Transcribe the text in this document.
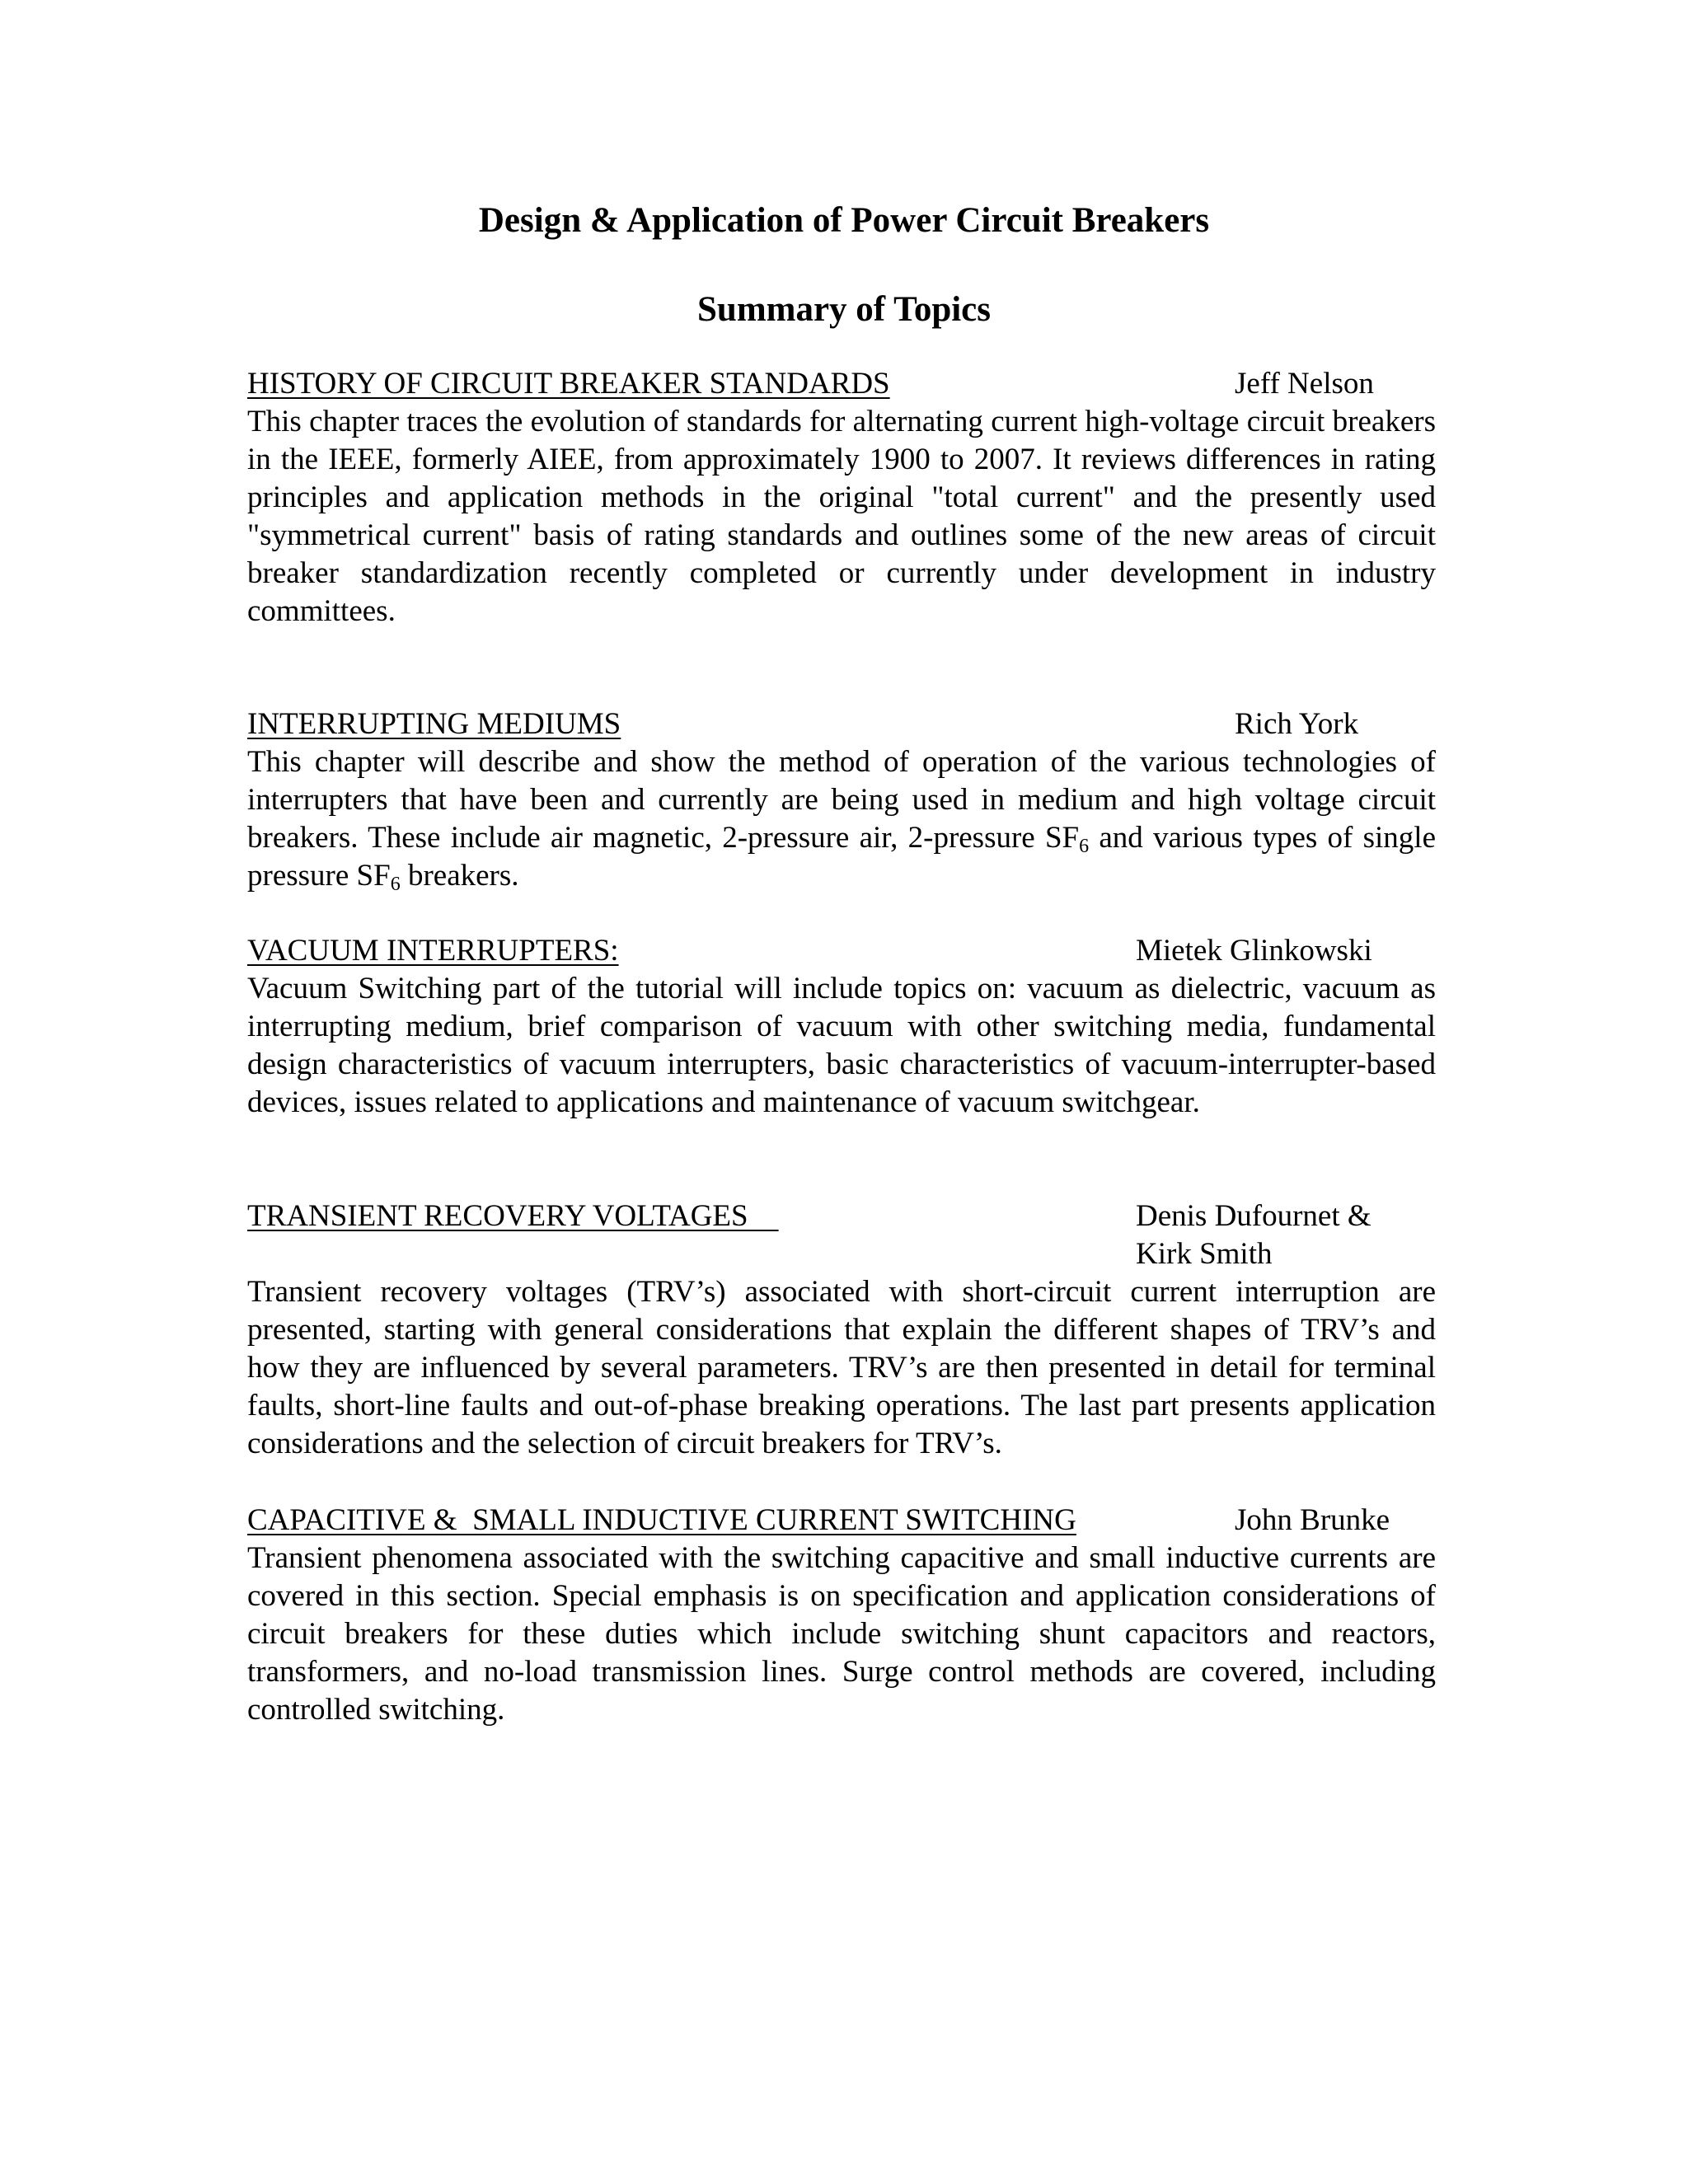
Design & Application of Power Circuit Breakers
Summary of Topics
HISTORY OF CIRCUIT BREAKER STANDARDS	Jeff Nelson

This chapter traces the evolution of standards for alternating current high-voltage circuit breakers in the IEEE, formerly AIEE, from approximately 1900 to 2007. It reviews differences in rating principles and application methods in the original "total current" and the presently used "symmetrical current" basis of rating standards and outlines some of the new areas of circuit breaker standardization recently completed or currently under development in industry committees.

INTERRUPTING MEDIUMS	Rich York

This chapter will describe and show the method of operation of the various technologies of interrupters that have been and currently are being used in medium and high voltage circuit breakers. These include air magnetic, 2-pressure air, 2-pressure $SF_6$ and various types of single pressure $SF_6$ breakers.

VACUUM INTERRUPTERS:	Mietek Glinkowski

Vacuum Switching part of the tutorial will include topics on: vacuum as dielectric, vacuum as interrupting medium, brief comparison of vacuum with other switching media, fundamental design characteristics of vacuum interrupters, basic characteristics of vacuum-interrupter-based devices, issues related to applications and maintenance of vacuum switchgear.

TRANSIENT RECOVERY VOLTAGES	Denis Dufournet &
Kirk Smith

Transient recovery voltages (TRV’s) associated with short-circuit current interruption are presented, starting with general considerations that explain the different shapes of TRV’s and how they are influenced by several parameters. TRV’s are then presented in detail for terminal faults, short-line faults and out-of-phase breaking operations. The last part presents application considerations and the selection of circuit breakers for TRV’s.

CAPACITIVE &  SMALL INDUCTIVE CURRENT SWITCHING	John Brunke

Transient phenomena associated with the switching capacitive and small inductive currents are covered in this section. Special emphasis is on specification and application considerations of circuit breakers for these duties which include switching shunt capacitors and reactors, transformers, and no-load transmission lines. Surge control methods are covered, including controlled switching.
